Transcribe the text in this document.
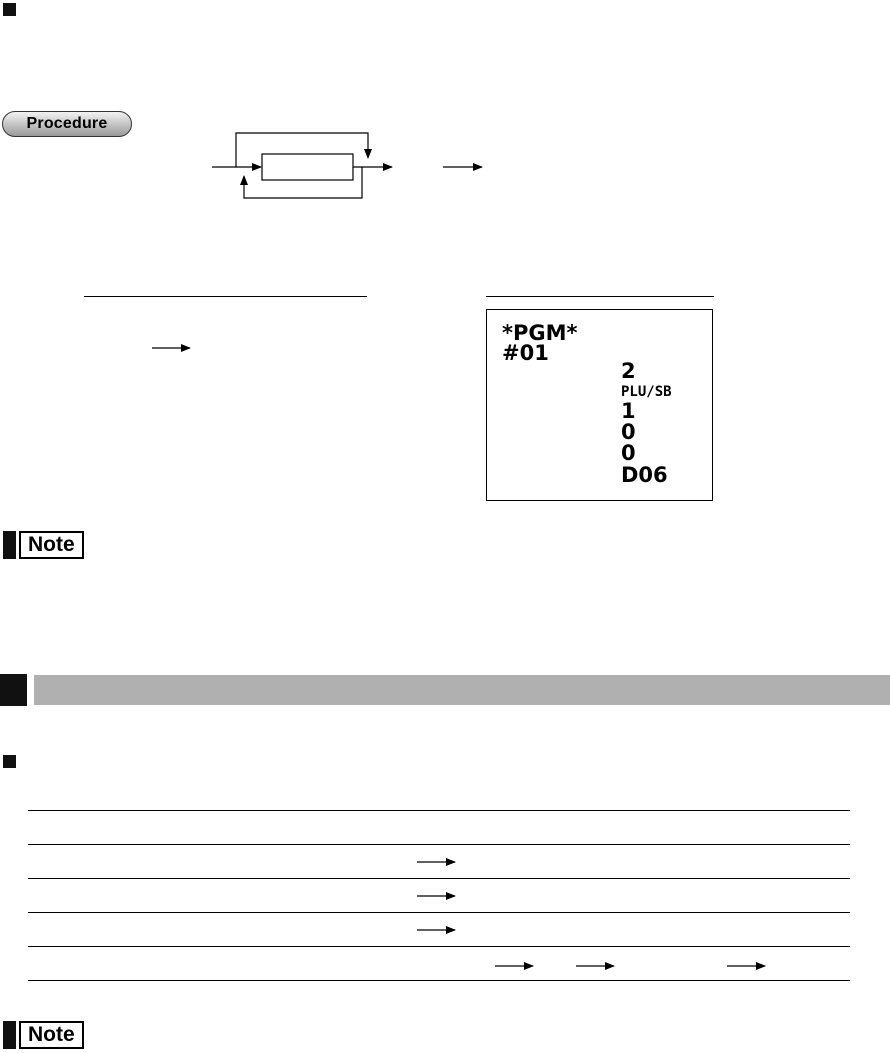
Procedure
*PGM*
#01
2
PLU/SB
1
0
0
D06
Note
Note
